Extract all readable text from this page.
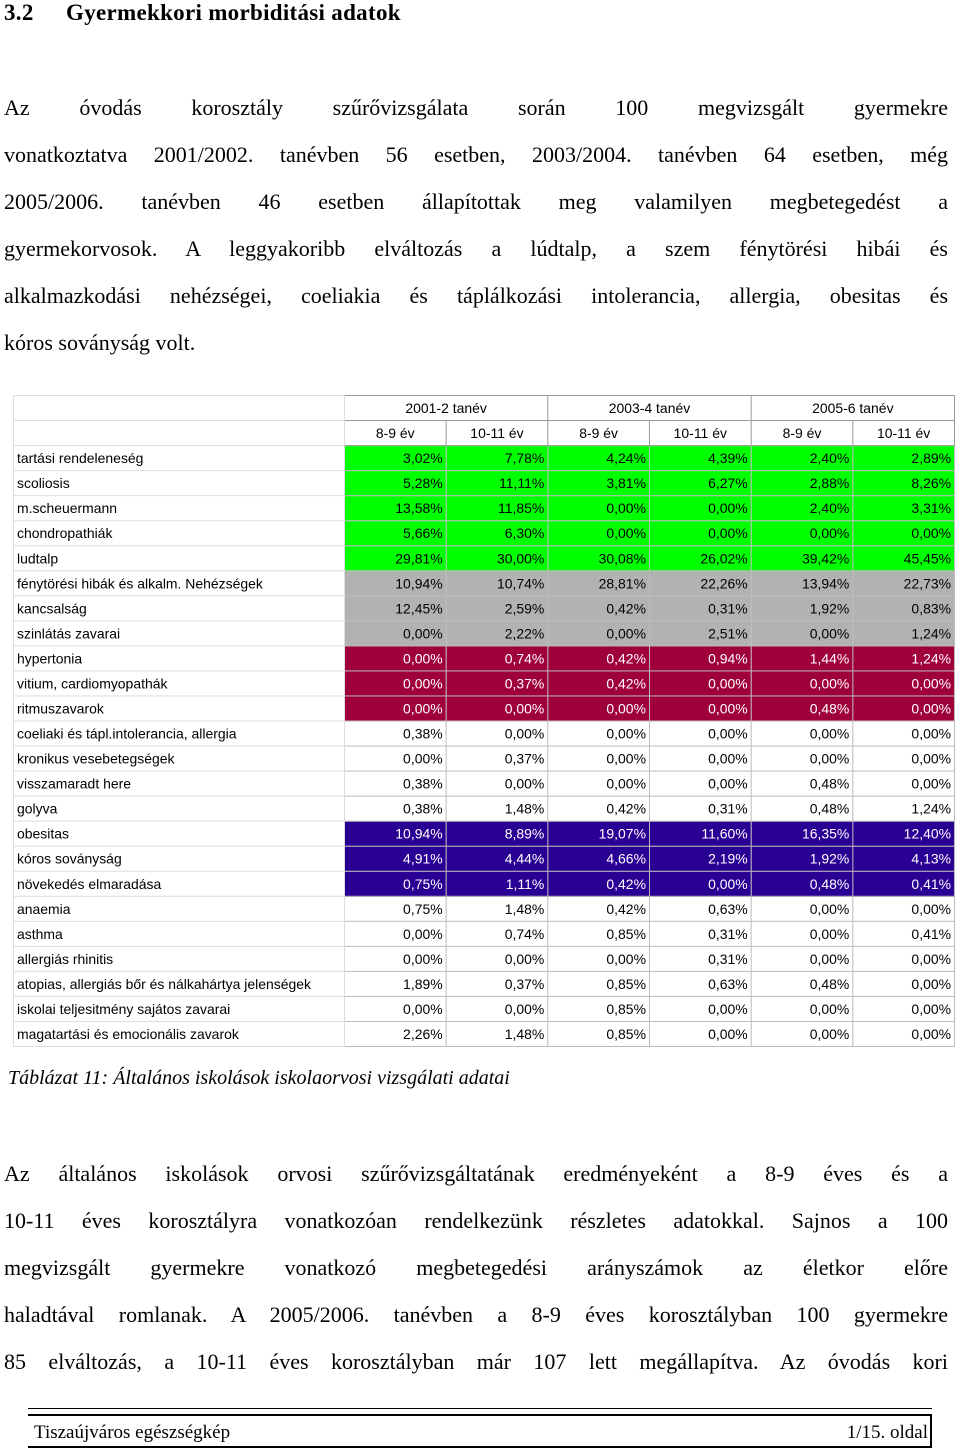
3.2 Gyermekkori morbiditási adatok
Az óvodás korosztály szűrővizsgálata során 100 megvizsgált gyermekre
vonatkoztatva 2001/2002. tanévben 56 esetben, 2003/2004. tanévben 64 esetben, még
2005/2006. tanévben 46 esetben állapítottak meg valamilyen megbetegedést a
gyermekorvosok. A leggyakoribb elváltozás a lúdtalp, a szem fénytörési hibái és
alkalmazkodási nehézségei, coeliakia és táplálkozási intolerancia, allergia, obesitas és
kóros soványság volt.
	2001-2 tanév		2003-4 tanév		2005-6 tanév	
	8-9 év	10-11 év	8-9 év	10-11 év	8-9 év	10-11 év
tartási rendeleneség	3,02%	7,78%	4,24%	4,39%	2,40%	2,89%
scoliosis	5,28%	11,11%	3,81%	6,27%	2,88%	8,26%
m.scheuermann	13,58%	11,85%	0,00%	0,00%	2,40%	3,31%
chondropathiák	5,66%	6,30%	0,00%	0,00%	0,00%	0,00%
ludtalp	29,81%	30,00%	30,08%	26,02%	39,42%	45,45%
fénytörési hibák és alkalm. Nehézségek	10,94%	10,74%	28,81%	22,26%	13,94%	22,73%
kancsalság	12,45%	2,59%	0,42%	0,31%	1,92%	0,83%
szinlátás zavarai	0,00%	2,22%	0,00%	2,51%	0,00%	1,24%
hypertonia	0,00%	0,74%	0,42%	0,94%	1,44%	1,24%
vitium, cardiomyopathák	0,00%	0,37%	0,42%	0,00%	0,00%	0,00%
ritmuszavarok	0,00%	0,00%	0,00%	0,00%	0,48%	0,00%
coeliaki és tápl.intolerancia, allergia	0,38%	0,00%	0,00%	0,00%	0,00%	0,00%
kronikus vesebetegségek	0,00%	0,37%	0,00%	0,00%	0,00%	0,00%
visszamaradt here	0,38%	0,00%	0,00%	0,00%	0,48%	0,00%
golyva	0,38%	1,48%	0,42%	0,31%	0,48%	1,24%
obesitas	10,94%	8,89%	19,07%	11,60%	16,35%	12,40%
kóros soványság	4,91%	4,44%	4,66%	2,19%	1,92%	4,13%
növekedés elmaradása	0,75%	1,11%	0,42%	0,00%	0,48%	0,41%
anaemia	0,75%	1,48%	0,42%	0,63%	0,00%	0,00%
asthma	0,00%	0,74%	0,85%	0,31%	0,00%	0,41%
allergiás rhinitis	0,00%	0,00%	0,00%	0,31%	0,00%	0,00%
atopias, allergiás bőr és nálkahártya jelenségek	1,89%	0,37%	0,85%	0,63%	0,48%	0,00%
iskolai teljesitmény sajátos zavarai	0,00%	0,00%	0,85%	0,00%	0,00%	0,00%
magatartási és emocionális zavarok	2,26%	1,48%	0,85%	0,00%	0,00%	0,00%
Táblázat 11: Általános iskolások iskolaorvosi vizsgálati adatai
Az általános iskolások orvosi szűrővizsgáltatának eredményeként a 8-9 éves és a
10-11 éves korosztályra vonatkozóan rendelkezünk részletes adatokkal. Sajnos a 100
megvizsgált gyermekre vonatkozó megbetegedési arányszámok az életkor előre
haladtával romlanak. A 2005/2006. tanévben a 8-9 éves korosztályban 100 gyermekre
85 elváltozás, a 10-11 éves korosztályban már 107 lett megállapítva. Az óvodás kori
Tiszaújváros egészségkép	1/15. oldal
